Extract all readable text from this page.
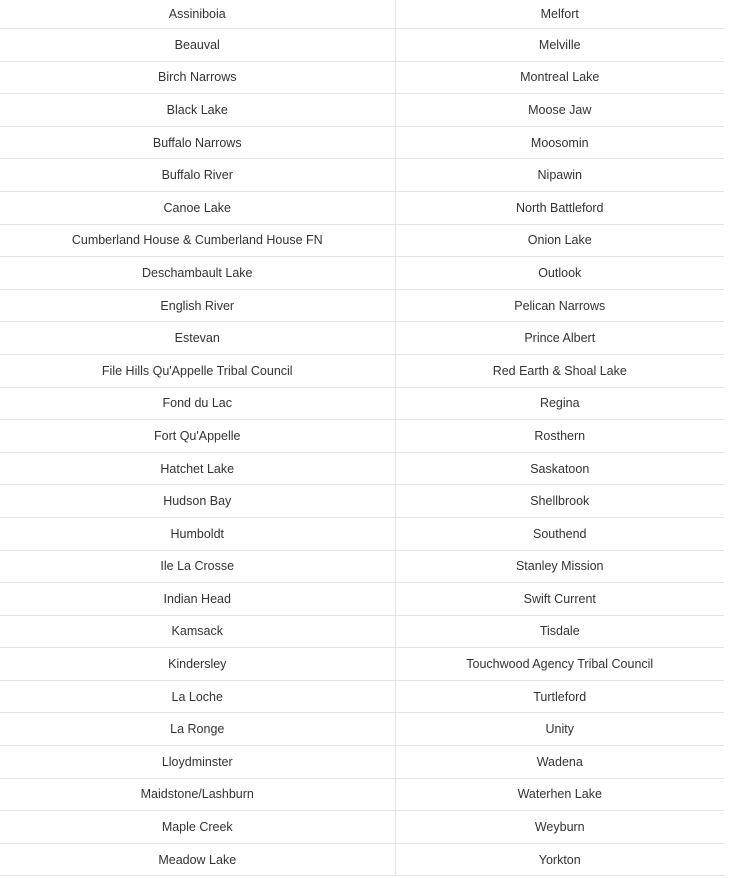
Assiniboia	Melfort
Beauval	Melville
Birch Narrows	Montreal Lake
Black Lake	Moose Jaw
Buffalo Narrows	Moosomin
Buffalo River	Nipawin
Canoe Lake	North Battleford
Cumberland House & Cumberland House FN	Onion Lake
Deschambault Lake	Outlook
English River	Pelican Narrows
Estevan	Prince Albert
File Hills Qu'Appelle Tribal Council	Red Earth & Shoal Lake
Fond du Lac	Regina
Fort Qu'Appelle	Rosthern
Hatchet Lake	Saskatoon
Hudson Bay	Shellbrook
Humboldt	Southend
Ile La Crosse	Stanley Mission
Indian Head	Swift Current
Kamsack	Tisdale
Kindersley	Touchwood Agency Tribal Council
La Loche	Turtleford
La Ronge	Unity
Lloydminster	Wadena
Maidstone/Lashburn	Waterhen Lake
Maple Creek	Weyburn
Meadow Lake	Yorkton
